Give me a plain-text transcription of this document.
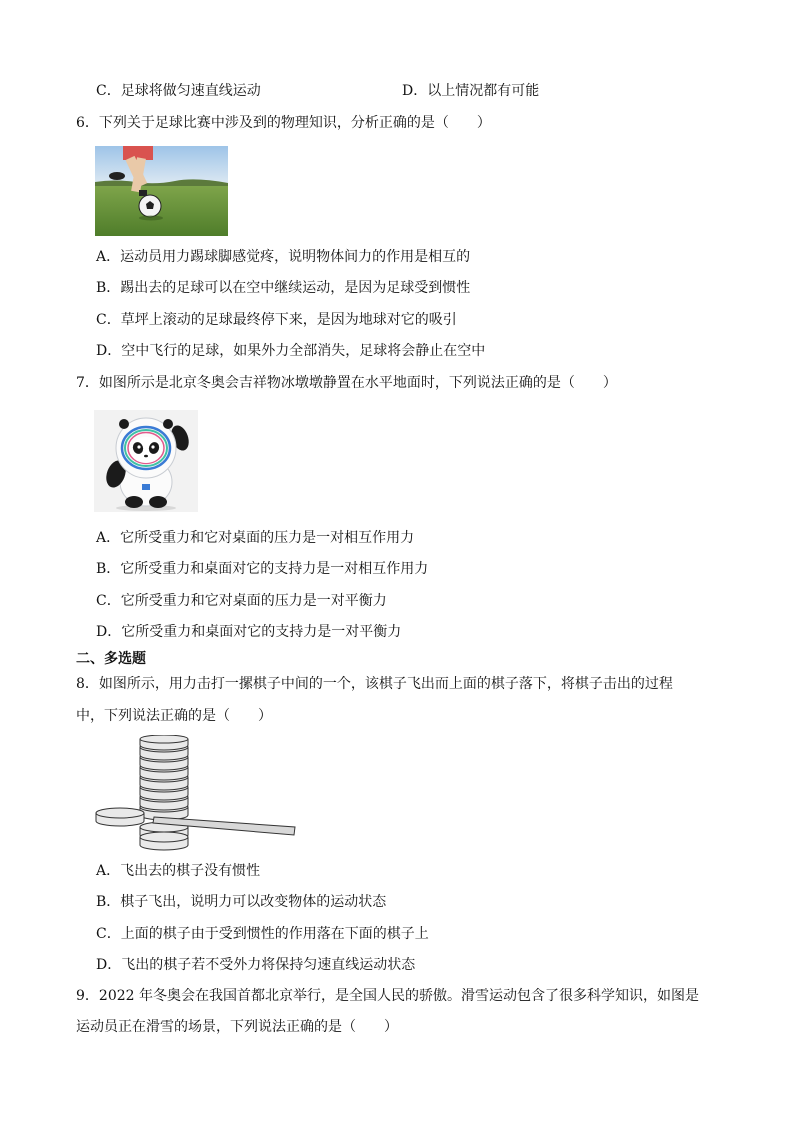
C．足球将做匀速直线运动	D．以上情况都有可能
6．下列关于足球比赛中涉及到的物理知识，分析正确的是（　　）
A．运动员用力踢球脚感觉疼，说明物体间力的作用是相互的
B．踢出去的足球可以在空中继续运动，是因为足球受到惯性
C．草坪上滚动的足球最终停下来，是因为地球对它的吸引
D．空中飞行的足球，如果外力全部消失，足球将会静止在空中
7．如图所示是北京冬奥会吉祥物冰墩墩静置在水平地面时，下列说法正确的是（　　）
A．它所受重力和它对桌面的压力是一对相互作用力
B．它所受重力和桌面对它的支持力是一对相互作用力
C．它所受重力和它对桌面的压力是一对平衡力
D．它所受重力和桌面对它的支持力是一对平衡力
二、多选题
8．如图所示，用力击打一摞棋子中间的一个，该棋子飞出而上面的棋子落下，将棋子击出的过程
中，下列说法正确的是（　　）
A．飞出去的棋子没有惯性
B．棋子飞出，说明力可以改变物体的运动状态
C．上面的棋子由于受到惯性的作用落在下面的棋子上
D．飞出的棋子若不受外力将保持匀速直线运动状态
9．2022 年冬奥会在我国首都北京举行，是全国人民的骄傲。滑雪运动包含了很多科学知识，如图是
运动员正在滑雪的场景，下列说法正确的是（　　）
